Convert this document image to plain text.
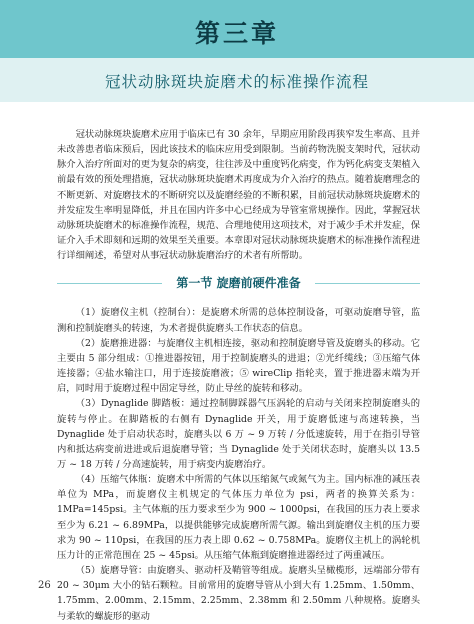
第三章
冠状动脉斑块旋磨术的标准操作流程

冠状动脉斑块旋磨术应用于临床已有 30 余年，早期应用阶段再狭窄发生率高、且并未改善患者临床预后，因此该技术的临床应用受到限制。当前药物洗脱支架时代，冠状动脉介入治疗所面对的更为复杂的病变，往往涉及中重度钙化病变，作为钙化病变支架植入前最有效的预处理措施，冠状动脉斑块旋磨术再度成为介入治疗的热点。随着旋磨理念的不断更新、对旋磨技术的不断研究以及旋磨经验的不断积累，目前冠状动脉斑块旋磨术的并发症发生率明显降低，并且在国内许多中心已经成为导管室常规操作。因此，掌握冠状动脉斑块旋磨术的标准操作流程，规范、合理地使用这项技术，对于减少手术并发症，保证介入手术即刻和远期的效果至关重要。本章即对冠状动脉斑块旋磨术的标准操作流程进行详细阐述，希望对从事冠状动脉旋磨治疗的术者有所帮助。

第一节 旋磨前硬件准备

（1）旋磨仪主机（控制台）：是旋磨术所需的总体控制设备，可驱动旋磨导管，监测和控制旋磨头的转速，为术者提供旋磨头工作状态的信息。

（2）旋磨推进器：与旋磨仪主机相连接，驱动和控制旋磨导管及旋磨头的移动。它主要由 5 部分组成：①推进器按钮，用于控制旋磨头的进退；②光纤缆线；③压缩气体连接器；④盐水输注口，用于连接旋磨液；⑤ wireClip 指轮夹，置于推进器末端为开启，同时用于旋磨过程中固定导丝，防止导丝的旋转和移动。

（3）Dynaglide 脚踏板：通过控制脚踩器气压涡轮的启动与关闭来控制旋磨头的旋转与停止。在脚踏板的右侧有 Dynaglide 开关，用于旋磨低速与高速转换，当 Dynaglide 处于启动状态时，旋磨头以 6 万 ~ 9 万转 / 分低速旋转，用于在指引导管内和抵达病变前进进或后退旋磨导管；当 Dynaglide 处于关闭状态时，旋磨头以 13.5 万 ~ 18 万转 / 分高速旋转，用于病变内旋磨治疗。

（4）压缩气体瓶：旋磨术中所需的气体以压缩氮气或氮气为主。国内标准的减压表单位为 MPa，而旋磨仪主机规定的气体压力单位为 psi，两者的换算关系为：1MPa=145psi。主气体瓶的压力要求至少为 900 ~ 1000psi，在我国的压力表上要求至少为 6.21 ~ 6.89MPa，以提供能够完成旋磨所需气源。输出到旋磨仪主机的压力要求为 90 ~ 110psi，在我国的压力表上即 0.62 ~ 0.758MPa。旋磨仪主机上的涡轮机压力计的正常范围在 25 ~ 45psi。从压缩气体瓶到旋磨推进器经过了两重减压。

（5）旋磨导管：由旋磨头、驱动杆及鞘管等组成。旋磨头呈橄榄形，远端部分带有 20 ~ 30μm 大小的钻石颗粒。目前常用的旋磨导管从小到大有 1.25mm、1.50mm、1.75mm、2.00mm、2.15mm、2.25mm、2.38mm 和 2.50mm 八种规格。旋磨头与柔软的螺旋形的驱动

26
